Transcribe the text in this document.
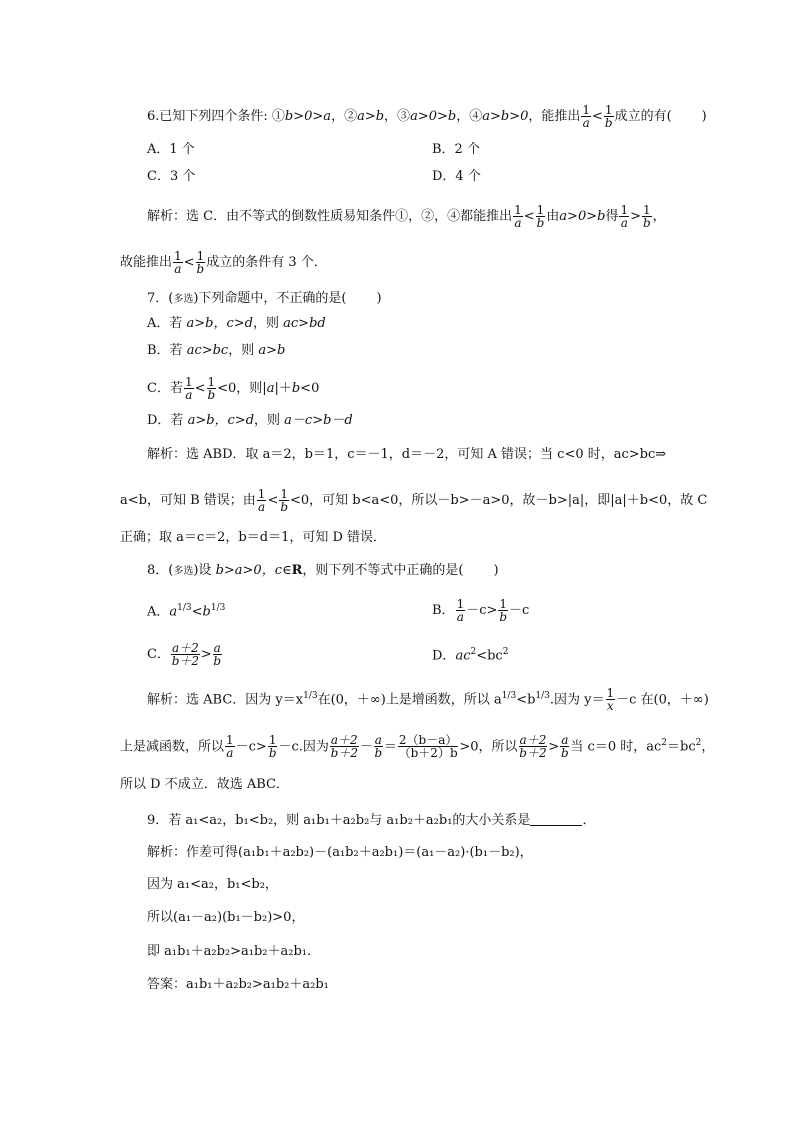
6.已知下列四个条件: ①b>0>a，②a>b，③a>0>b，④a>b>0，能推出 $\frac{1}{a} < \frac{1}{b}$ 成立的有( )
A．1 个	B．2 个
C．3 个	D．4 个
解析：选 C．由不等式的倒数性质易知条件①，②，④都能推出 $\frac{1}{a} < \frac{1}{b}$ 由a>0>b得 $\frac{1}{a} > \frac{1}{b}$ ，
故能推出 $\frac{1}{a} < \frac{1}{b}$ 成立的条件有 3 个．
7．(多选)下列命题中，不正确的是( )
A．若 a>b，c>d，则 ac>bd
B．若 ac>bc，则 a>b
C．若 $\frac{1}{a} < \frac{1}{b} <0$，则|a|＋b<0
D．若 a>b，c>d，则 a－c>b－d
解析：选 ABD．取 a＝2，b＝1，c＝－1，d＝－2，可知 A 错误；当 c<0 时，ac>bc⇒
a<b，可知 B 错误；由 $\frac{1}{a} < \frac{1}{b} <0$，可知 b<a<0，所以－b>－a>0，故－b>|a|，即|a|＋b<0，故 C
正确；取 a＝c＝2，b＝d＝1，可知 D 错误．
8．(多选)设 b>a>0，c∈R，则下列不等式中正确的是( )
A．$a^{1/3}<b^{1/3}$	B． $\frac{1}{a} -c> \frac{1}{b} -c$
C． $\frac{a+2}{b+2} > \frac{a}{b}$	D．$ac^2<bc^2$
解析：选 ABC．因为 $y=x^{1/3}$在(0，＋∞)上是增函数，所以 $a^{1/3}<b^{1/3}$.因为 $y= \frac{1}{x} -c$ 在(0，＋∞)
上是减函数，所以 $\frac{1}{a} -c> \frac{1}{b} -c$.因为 $\frac{a+2}{b+2} - \frac{a}{b} = \frac{2(b-a)}{(b+2)b} >0$，所以 $\frac{a+2}{b+2} > \frac{a}{b}$ 当 c＝0 时，$ac^2=bc^2$，
所以 D 不成立．故选 ABC．
9．若 a₁<a₂，b₁<b₂，则 a₁b₁＋a₂b₂与 a₁b₂＋a₂b₁的大小关系是	．
解析：作差可得(a₁b₁＋a₂b₂)－(a₁b₂＋a₂b₁)＝(a₁－a₂)·(b₁－b₂)，
因为 a₁<a₂，b₁<b₂，
所以(a₁－a₂)(b₁－b₂)>0，
即 a₁b₁＋a₂b₂>a₁b₂＋a₂b₁.
答案：a₁b₁＋a₂b₂>a₁b₂＋a₂b₁
